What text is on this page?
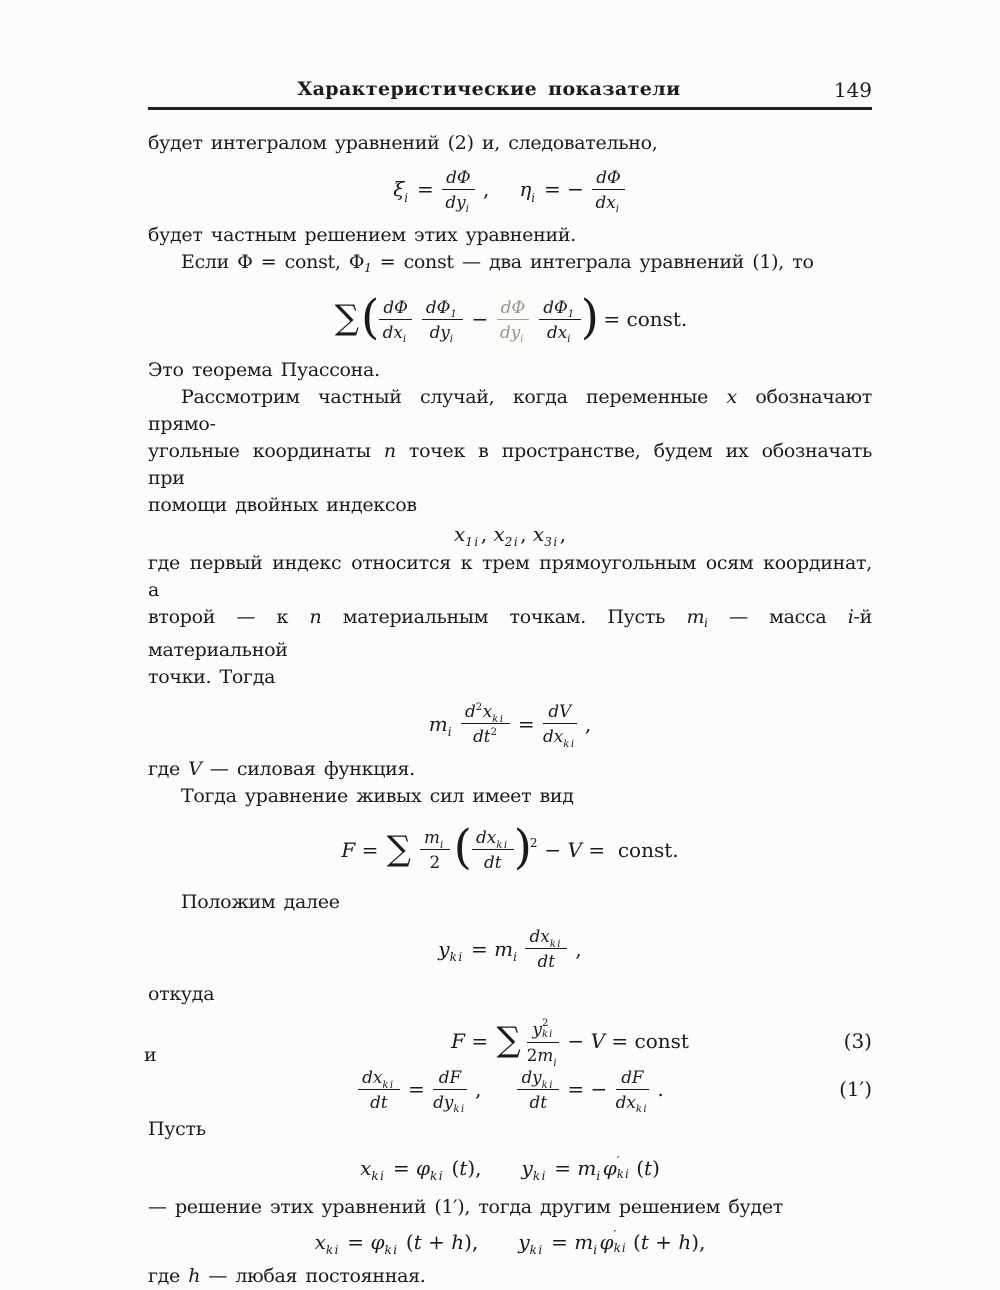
Характеристические показатели	149
будет интегралом уравнений (2) и, следовательно,
$\xi_i$ =
dΦ
$dy_i$
, $\eta_i$ = −
dΦ
$dx_i$
будет частным решением этих уравнений.
Если Φ = const, $\Phi_1$ = const — два интеграла уравнений (1), то
∑( dΦ
$dx_i$
$d\Phi_1$
$dy_i$
−
dΦ
$dy_i$
$d\Phi_1$
$dx_i$ ) = const.
Это теорема Пуассона.
Рассмотрим частный случай, когда переменные x обозначают прямо-
угольные координаты n точек в пространстве, будем их обозначать при
помощи двойных индексов
$x_{1i}$, $x_{2i}$, $x_{3i}$,
где первый индекс относится к трем прямоугольным осям координат, а
второй — к n материальным точкам. Пусть $m_i$ — масса i-й материальной
точки. Тогда
$m_i$
$d^2x_{ki}$
$dt^2$ =
dV
$dx_{ki}$
,
где V — силовая функция.
Тогда уравнение живых сил имеет вид
F = ∑ $\frac{m_i}{2}$ ( $dx_{ki}$
dt )$^2$ − V =  const.
Положим далее
$y_{ki} = m_i$
$dx_{ki}$
dt
,
откуда
и
F = ∑ y 2
ki
$2m_i - V$ = const	(3)
$dx_{ki}$
dt
=
dF
$dy_{ki}$
,
$dy_{ki}$
dt
= −
dF
$dx_{ki}$
.	(1′)
Пусть
$x_{ki} = \varphi_{ki}$ (t), $y_{ki} = m_i\varphi$ ′
ki (t)
— решение этих уравнений (1′), тогда другим решением будет
$x_{ki} = \varphi_{ki}$ (t + h), $y_{ki} = m_i\varphi$ ′
ki (t + h),
где h — любая постоянная.
